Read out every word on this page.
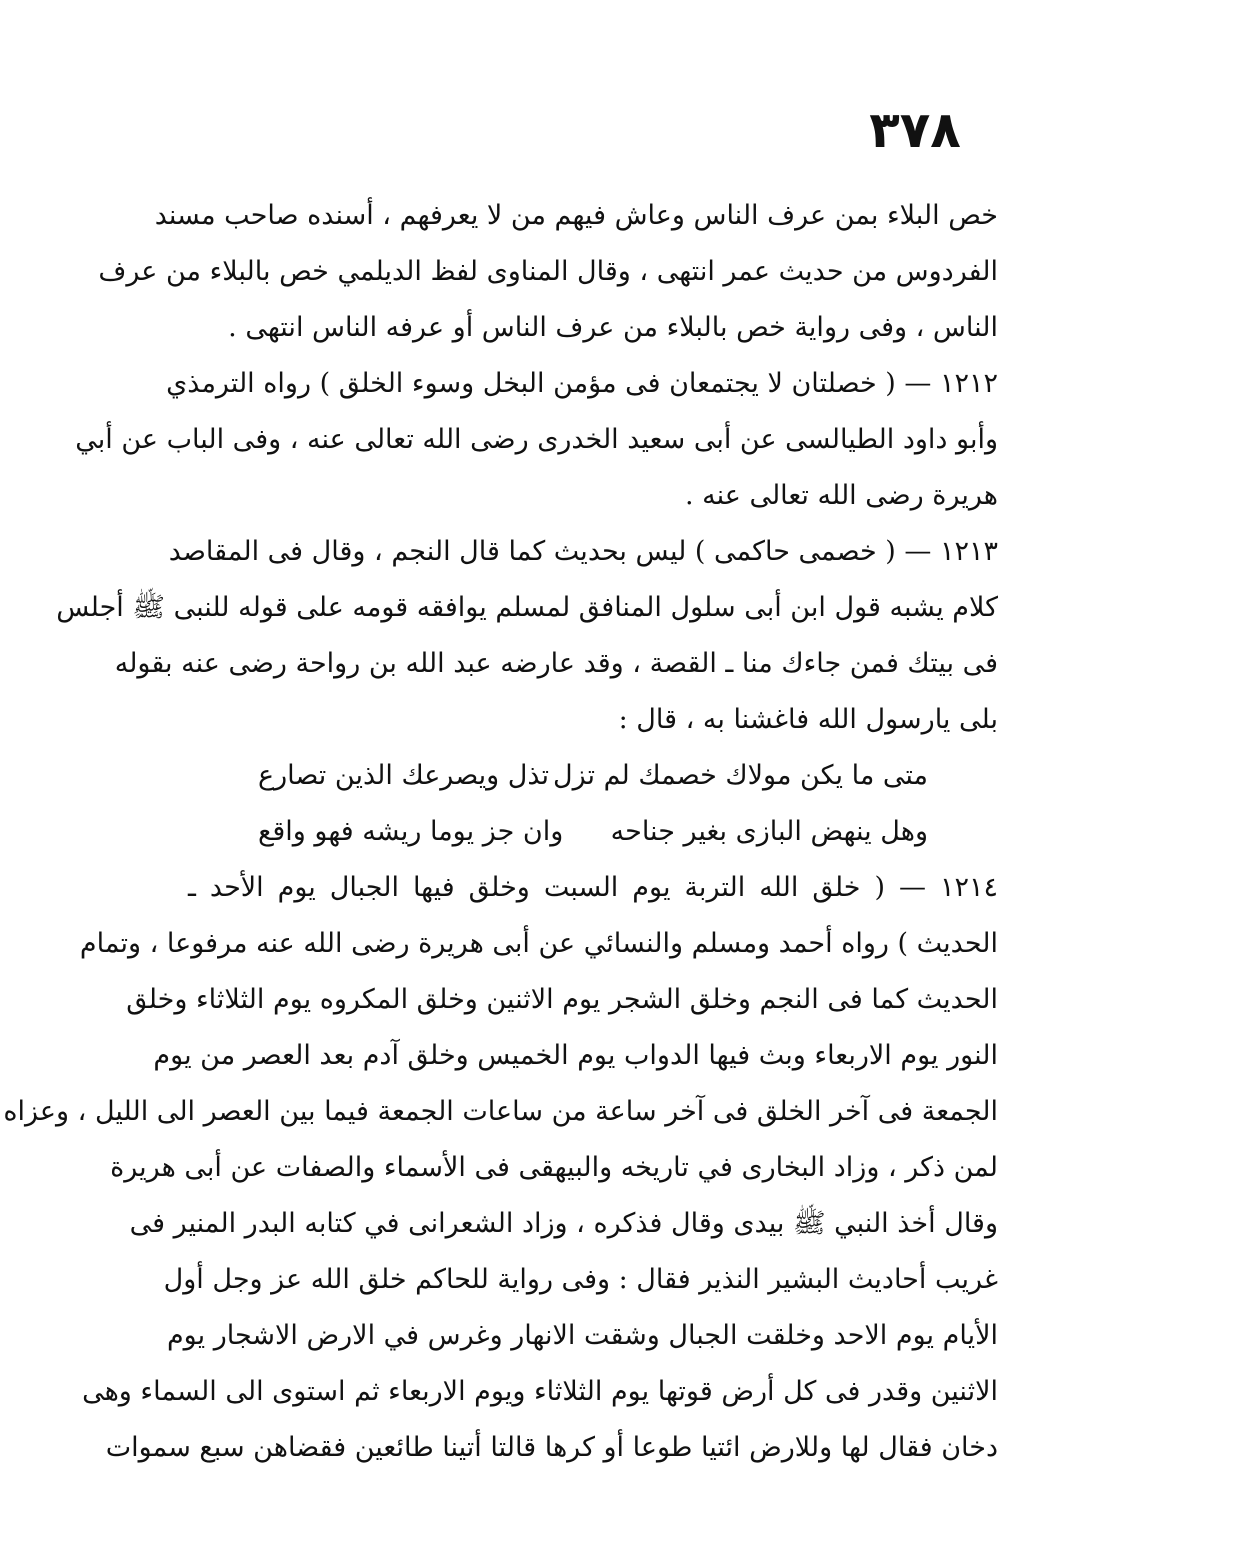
٣٧٨
خص البلاء بمن عرف الناس وعاش فيهم من لا يعرفهم ، أسنده صاحب مسند
الفردوس من حديث عمر انتهى ، وقال المناوى لفظ الديلمي خص بالبلاء من عرف
الناس ، وفى رواية خص بالبلاء من عرف الناس أو عرفه الناس انتهى .
١٢١٢ — ( خصلتان لا يجتمعان فى مؤمن البخل وسوء الخلق ) رواه الترمذي
وأبو داود الطيالسى عن أبى سعيد الخدرى رضى الله تعالى عنه ، وفى الباب عن أبي
هريرة رضى الله تعالى عنه .
١٢١٣ — ( خصمى حاكمى ) ليس بحديث كما قال النجم ، وقال فى المقاصد
كلام يشبه قول ابن أبى سلول المنافق لمسلم يوافقه قومه على قوله للنبى ﷺ أجلس
فى بيتك فمن جاءك منا ـ القصة ، وقد عارضه عبد الله بن رواحة رضى عنه بقوله
بلى يارسول الله فاغشنا به ، قال :
متى ما يكن مولاك خصمك لم تزل
تذل ويصرعك الذين تصارع
وهل ينهض البازى بغير جناحه
وان جز يوما ريشه فهو واقع
١٢١٤ — ( خلق الله التربة يوم السبت وخلق فيها الجبال يوم الأحد ـ
الحديث ) رواه أحمد ومسلم والنسائي عن أبى هريرة رضى الله عنه مرفوعا ، وتمام
الحديث كما فى النجم وخلق الشجر يوم الاثنين وخلق المكروه يوم الثلاثاء وخلق
النور يوم الاربعاء وبث فيها الدواب يوم الخميس وخلق آدم بعد العصر من يوم
الجمعة فى آخر الخلق فى آخر ساعة من ساعات الجمعة فيما بين العصر الى الليل ، وعزاه
لمن ذكر ، وزاد البخارى في تاريخه والبيهقى فى الأسماء والصفات عن أبى هريرة
وقال أخذ النبي ﷺ بيدى وقال فذكره ، وزاد الشعرانى في كتابه البدر المنير فى
غريب أحاديث البشير النذير فقال : وفى رواية للحاكم خلق الله عز وجل أول
الأيام يوم الاحد وخلقت الجبال وشقت الانهار وغرس في الارض الاشجار يوم
الاثنين وقدر فى كل أرض قوتها يوم الثلاثاء ويوم الاربعاء ثم استوى الى السماء وهى
دخان فقال لها وللارض ائتيا طوعا أو كرها قالتا أتينا طائعين فقضاهن سبع سموات
